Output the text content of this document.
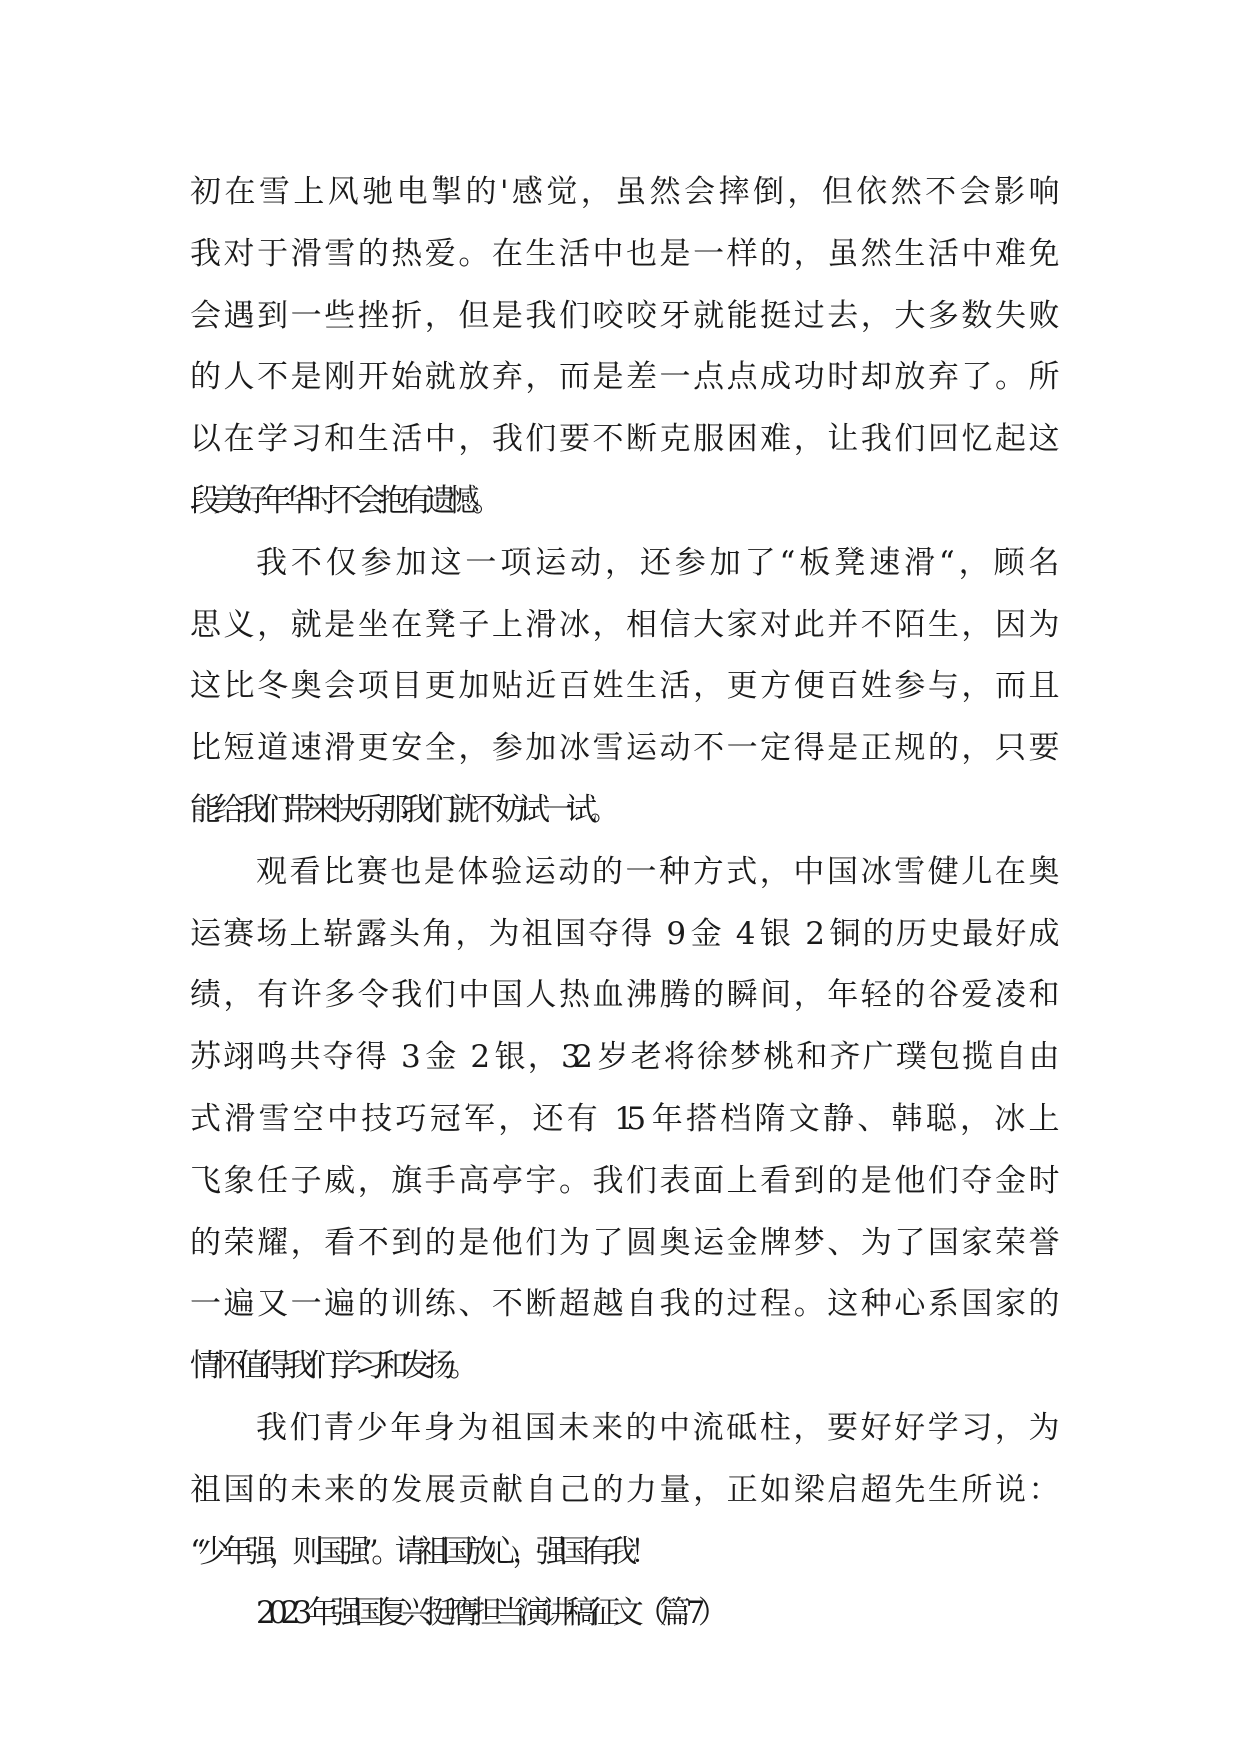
初在雪上风驰电掣的'感觉，虽然会摔倒，但依然不会影响
我对于滑雪的热爱。在生活中也是一样的，虽然生活中难免
会遇到一些挫折，但是我们咬咬牙就能挺过去，大多数失败
的人不是刚开始就放弃，而是差一点点成功时却放弃了。所
以在学习和生活中，我们要不断克服困难，让我们回忆起这
段美好年华时不会抱有遗憾。

我不仅参加这一项运动，还参加了“板凳速滑“，顾名
思义，就是坐在凳子上滑冰，相信大家对此并不陌生，因为
这比冬奥会项目更加贴近百姓生活，更方便百姓参与，而且
比短道速滑更安全，参加冰雪运动不一定得是正规的，只要
能给我们带来快乐那我们就不妨试一试。

观看比赛也是体验运动的一种方式，中国冰雪健儿在奥
运赛场上崭露头角，为祖国夺得 9 金 4 银 2 铜的历史最好成
绩，有许多令我们中国人热血沸腾的瞬间，年轻的谷爱凌和
苏翊鸣共夺得 3 金 2 银，32 岁老将徐梦桃和齐广璞包揽自由
式滑雪空中技巧冠军，还有 15 年搭档隋文静、韩聪，冰上
飞象任子威，旗手高亭宇。我们表面上看到的是他们夺金时
的荣耀，看不到的是他们为了圆奥运金牌梦、为了国家荣誉
一遍又一遍的训练、不断超越自我的过程。这种心系国家的
情怀值得我们学习和发扬。

我们青少年身为祖国未来的中流砥柱，要好好学习，为
祖国的未来的发展贡献自己的力量，正如梁启超先生所说：
“少年强，则国强”。请祖国放心，强国有我！

2023 年强国复兴挺膺担当演讲稿征文（篇 7）
